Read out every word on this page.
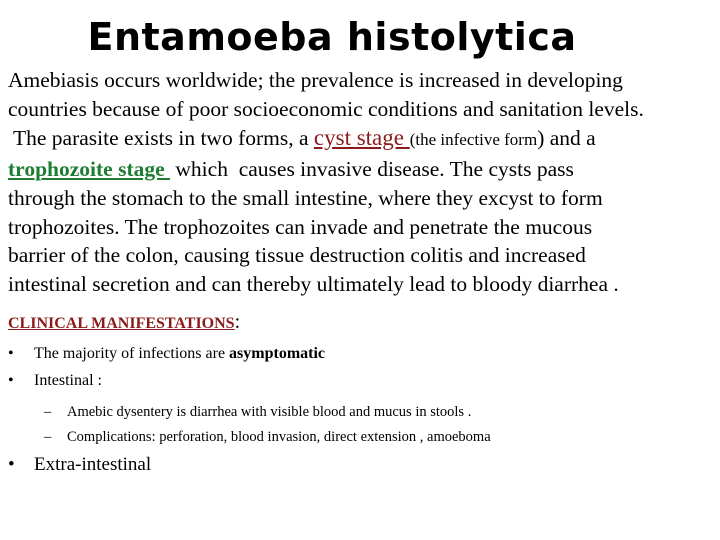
Entamoeba histolytica
Amebiasis occurs worldwide; the prevalence is increased in developing
countries because of poor socioeconomic conditions and sanitation levels.
The parasite exists in two forms, a cyst stage (the infective form) and a
trophozoite stage  which  causes invasive disease. The cysts pass
through the stomach to the small intestine, where they excyst to form
trophozoites. The trophozoites can invade and penetrate the mucous
barrier of the colon, causing tissue destruction colitis and increased
intestinal secretion and can thereby ultimately lead to bloody diarrhea .
CLINICAL MANIFESTATIONS:
• The majority of infections are asymptomatic
• Intestinal :
– Amebic dysentery is diarrhea with visible blood and mucus in stools .
– Complications: perforation, blood invasion, direct extension , amoeboma
• Extra-intestinal
